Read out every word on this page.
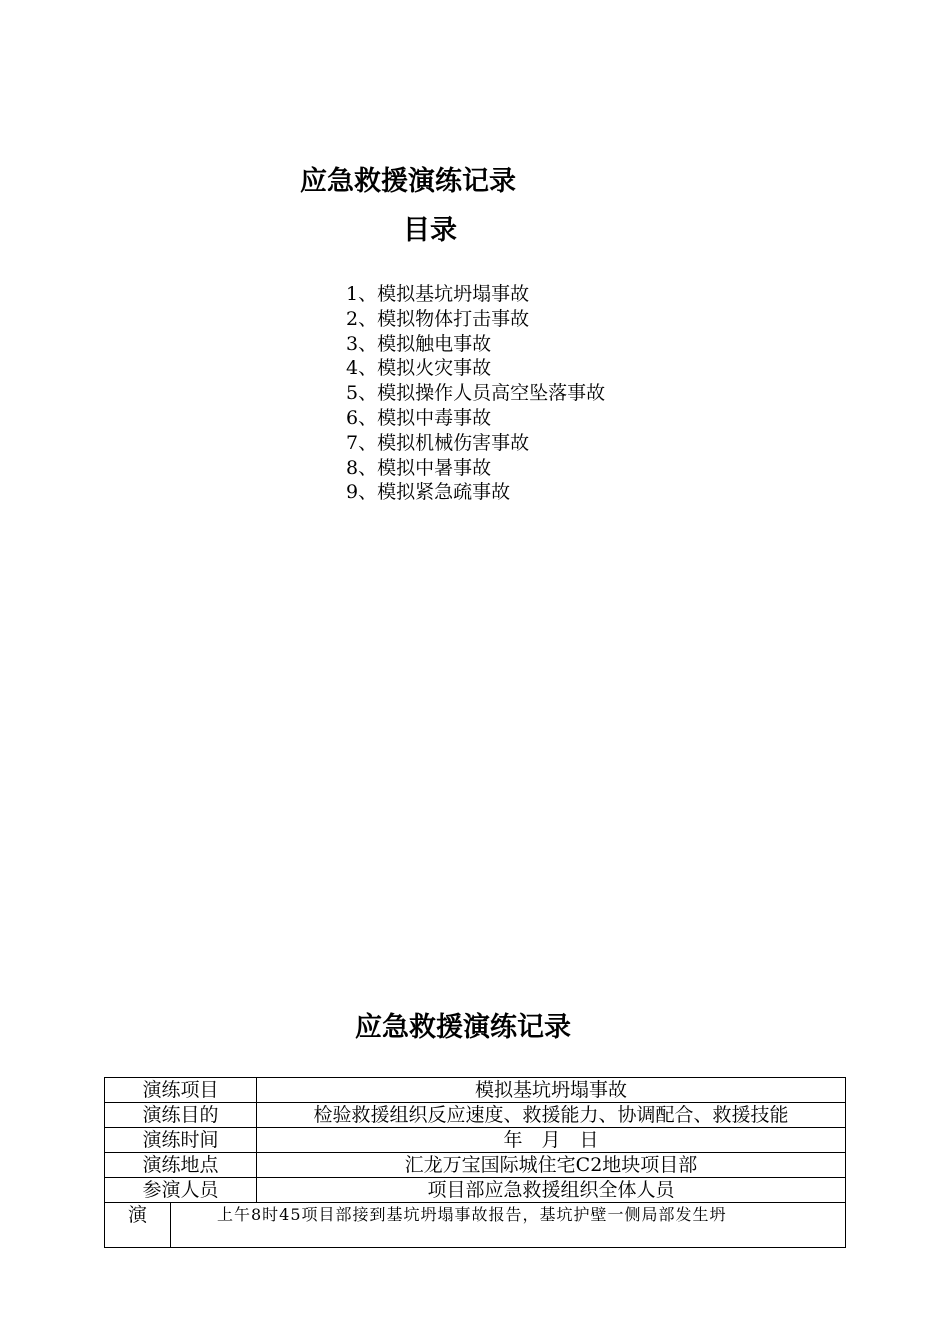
应急救援演练记录
目录
1、模拟基坑坍塌事故
2、模拟物体打击事故
3、模拟触电事故
4、模拟火灾事故
5、模拟操作人员高空坠落事故
6、模拟中毒事故
7、模拟机械伤害事故
8、模拟中暑事故
9、模拟紧急疏事故
应急救援演练记录
演练项目		模拟基坑坍塌事故
演练目的		检验救援组织反应速度、救援能力、协调配合、救援技能
演练时间		年　月　日
演练地点		汇龙万宝国际城住宅C2地块项目部
参演人员		项目部应急救援组织全体人员
演	上午8时45项目部接到基坑坍塌事故报告，基坑护壁一侧局部发生坍	
